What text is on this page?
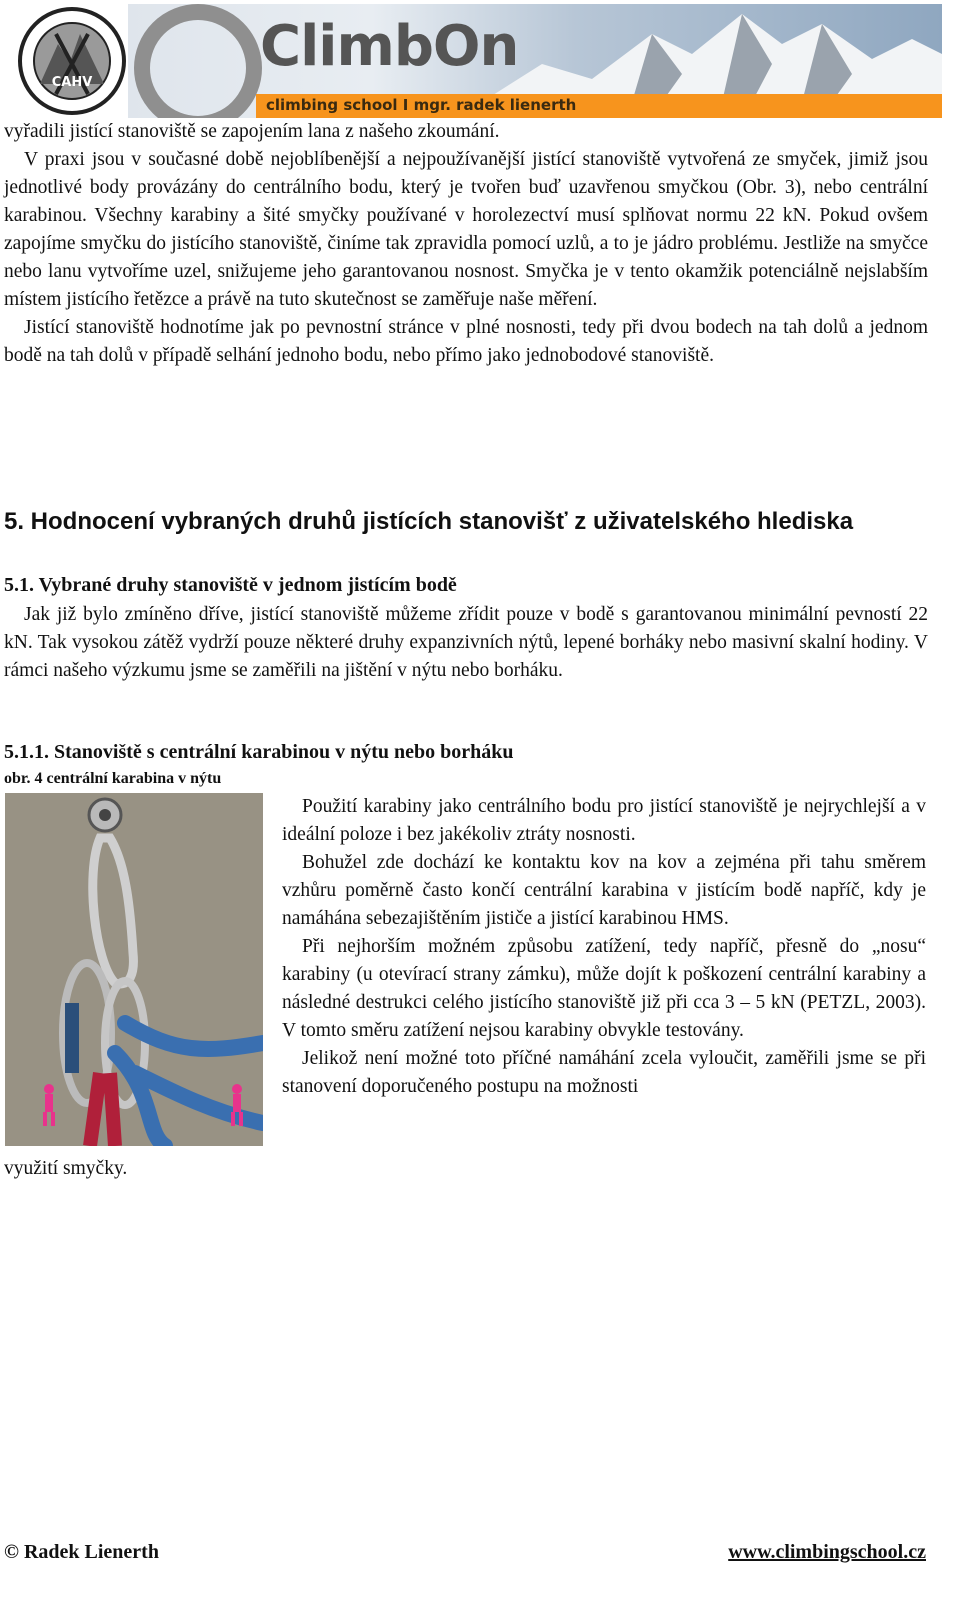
CAHV
ClimbOn
climbing school I mgr. radek lienerth

vyřadili jistící stanoviště se zapojením lana z našeho zkoumání.

V praxi jsou v současné době nejoblíbenější a nejpoužívanější jistící stanoviště vytvořená ze smyček, jimiž jsou jednotlivé body provázány do centrálního bodu, který je tvořen buď uzavřenou smyčkou (Obr. 3), nebo centrální karabinou. Všechny karabiny a šité smyčky používané v horolezectví musí splňovat normu 22 kN. Pokud ovšem zapojíme smyčku do jistícího stanoviště, činíme tak zpravidla pomocí uzlů, a to je jádro problému. Jestliže na smyčce nebo lanu vytvoříme uzel, snižujeme jeho garantovanou nosnost. Smyčka je v tento okamžik potenciálně nejslabším místem jistícího řetězce a právě na tuto skutečnost se zaměřuje naše měření.

Jistící stanoviště hodnotíme jak po pevnostní stránce v plné nosnosti, tedy při dvou bodech na tah dolů a jednom bodě na tah dolů v případě selhání jednoho bodu, nebo přímo jako jednobodové stanoviště.

5. Hodnocení vybraných druhů jistících stanovišť z uživatelského hlediska
5.1. Vybrané druhy stanoviště v jednom jistícím bodě

Jak již bylo zmíněno dříve, jistící stanoviště můžeme zřídit pouze v bodě s garantovanou minimální pevností 22 kN. Tak vysokou zátěž vydrží pouze některé druhy expanzivních nýtů, lepené borháky nebo masivní skalní hodiny. V rámci našeho výzkumu jsme se zaměřili na jištění v nýtu nebo borháku.

5.1.1. Stanoviště s centrální karabinou v nýtu nebo borháku
obr. 4 centrální karabina v nýtu

Použití karabiny jako centrálního bodu pro jistící stanoviště je nejrychlejší a v ideální poloze i bez jakékoliv ztráty nosnosti.

Bohužel zde dochází ke kontaktu kov na kov a zejména při tahu směrem vzhůru poměrně často končí centrální karabina v jistícím bodě napříč, kdy je namáhána sebezajištěním jističe a jistící karabinou HMS.

Při nejhorším možném způsobu zatížení, tedy napříč, přesně do „nosu“ karabiny (u otevírací strany zámku), může dojít k poškození centrální karabiny a následné destrukci celého jistícího stanoviště již při cca 3 – 5 kN (PETZL, 2003). V tomto směru zatížení nejsou karabiny obvykle testovány.

Jelikož není možné toto příčné namáhání zcela vyloučit, zaměřili jsme se při stanovení doporučeného postupu na možnosti

využití smyčky.

© Radek Lienerth	www.climbingschool.cz
